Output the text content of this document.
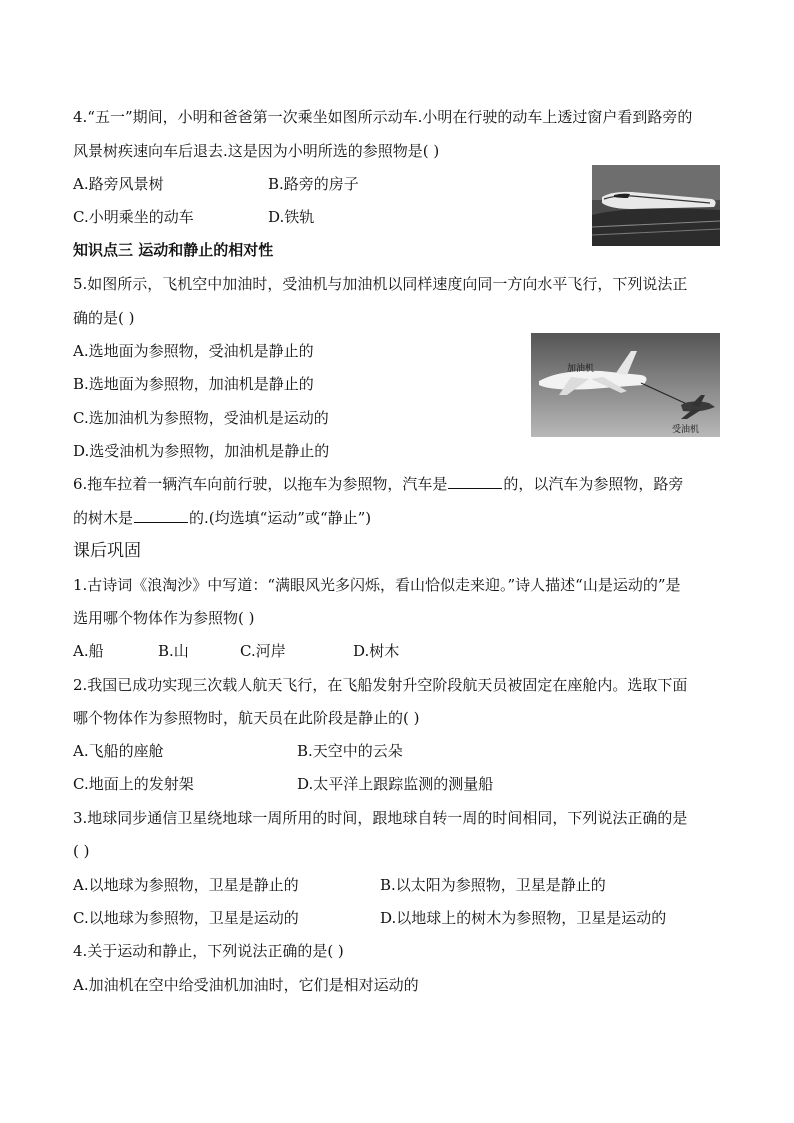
4.“五一”期间，小明和爸爸第一次乘坐如图所示动车.小明在行驶的动车上透过窗户看到路旁的
风景树疾速向车后退去.这是因为小明所选的参照物是( )
A.路旁风景树	B.路旁的房子
C.小明乘坐的动车	D.铁轨
知识点三 运动和静止的相对性
5.如图所示，飞机空中加油时，受油机与加油机以同样速度向同一方向水平飞行，下列说法正
确的是( )
A.选地面为参照物，受油机是静止的
B.选地面为参照物，加油机是静止的
C.选加油机为参照物，受油机是运动的
D.选受油机为参照物，加油机是静止的
加油机
受油机
6.拖车拉着一辆汽车向前行驶，以拖车为参照物，汽车是	的，以汽车为参照物，路旁
的树木是	的.(均选填“运动”或“静止”)
课后巩固
1.古诗词《浪淘沙》中写道：“满眼风光多闪烁，看山恰似走来迎。”诗人描述“山是运动的”是
选用哪个物体作为参照物( )
A.船	B.山	C.河岸	D.树木
2.我国已成功实现三次载人航天飞行，在飞船发射升空阶段航天员被固定在座舱内。选取下面
哪个物体作为参照物时，航天员在此阶段是静止的( )
A.飞船的座舱	B.天空中的云朵
C.地面上的发射架	D.太平洋上跟踪监测的测量船
3.地球同步通信卫星绕地球一周所用的时间，跟地球自转一周的时间相同，下列说法正确的是
( )
A.以地球为参照物，卫星是静止的	B.以太阳为参照物，卫星是静止的
C.以地球为参照物，卫星是运动的	D.以地球上的树木为参照物，卫星是运动的
4.关于运动和静止，下列说法正确的是( )
A.加油机在空中给受油机加油时，它们是相对运动的
